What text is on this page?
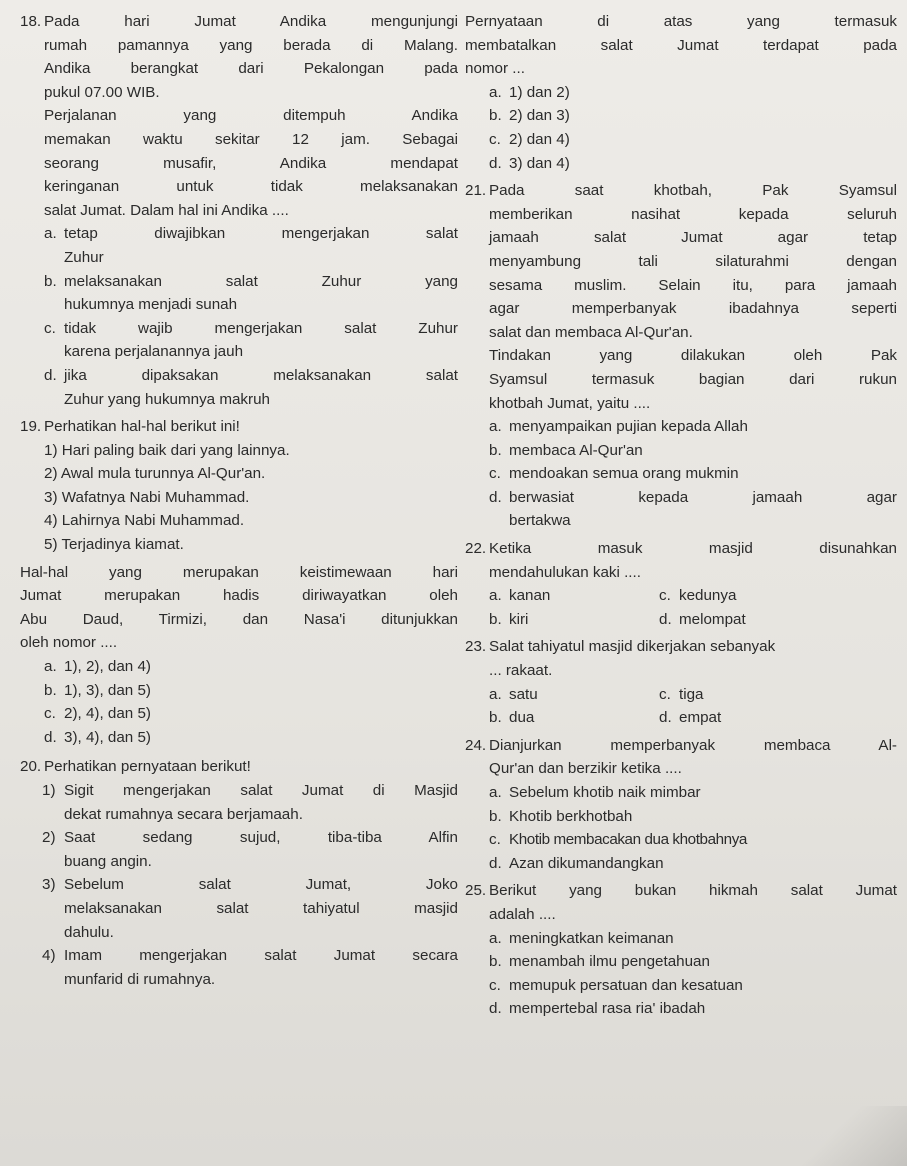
18. Pada hari Jumat Andika mengunjungi

rumah pamannya yang berada di Malang.

Andika berangkat dari Pekalongan pada

pukul 07.00 WIB.

Perjalanan yang ditempuh Andika

memakan waktu sekitar 12 jam. Sebagai

seorang musafir, Andika mendapat

keringanan untuk tidak melaksanakan

salat Jumat. Dalam hal ini Andika ....

a. tetap diwajibkan mengerjakan salat

Zuhur

b. melaksanakan salat Zuhur yang

hukumnya menjadi sunah

c. tidak wajib mengerjakan salat Zuhur

karena perjalanannya jauh

d. jika dipaksakan melaksanakan salat

Zuhur yang hukumnya makruh

19. Perhatikan hal-hal berikut ini!

1) Hari paling baik dari yang lainnya.

2) Awal mula turunnya Al-Qur'an.

3) Wafatnya Nabi Muhammad.

4) Lahirnya Nabi Muhammad.

5) Terjadinya kiamat.

Hal-hal yang merupakan keistimewaan hari

Jumat merupakan hadis diriwayatkan oleh

Abu Daud, Tirmizi, dan Nasa'i ditunjukkan

oleh nomor ....

a. 1), 2), dan 4)

b. 1), 3), dan 5)

c. 2), 4), dan 5)

d. 3), 4), dan 5)

20. Perhatikan pernyataan berikut!

1) Sigit mengerjakan salat Jumat di Masjid

dekat rumahnya secara berjamaah.

2) Saat sedang sujud, tiba-tiba Alfin

buang angin.

3) Sebelum salat Jumat, Joko

melaksanakan salat tahiyatul masjid

dahulu.

4) Imam mengerjakan salat Jumat secara

munfarid di rumahnya.

Pernyataan di atas yang termasuk

membatalkan salat Jumat terdapat pada

nomor ...

a. 1) dan 2)

b. 2) dan 3)

c. 2) dan 4)

d. 3) dan 4)

21. Pada saat khotbah, Pak Syamsul

memberikan nasihat kepada seluruh

jamaah salat Jumat agar tetap

menyambung tali silaturahmi dengan

sesama muslim. Selain itu, para jamaah

agar memperbanyak ibadahnya seperti

salat dan membaca Al-Qur'an.

Tindakan yang dilakukan oleh Pak

Syamsul termasuk bagian dari rukun

khotbah Jumat, yaitu ....

a. menyampaikan pujian kepada Allah

b. membaca Al-Qur'an

c. mendoakan semua orang mukmin

d. berwasiat kepada jamaah agar

bertakwa

22. Ketika masuk masjid disunahkan

mendahulukan kaki ....

a. kanan	c. kedunya
b. kiri	d. melompat
23. Salat tahiyatul masjid dikerjakan sebanyak

... rakaat.

a. satu	c. tiga
b. dua	d. empat
24. Dianjurkan memperbanyak membaca Al-

Qur'an dan berzikir ketika ....

a. Sebelum khotib naik mimbar

b. Khotib berkhotbah

c. Khotib membacakan dua khotbahnya

d. Azan dikumandangkan

25. Berikut yang bukan hikmah salat Jumat

adalah ....

a. meningkatkan keimanan

b. menambah ilmu pengetahuan

c. memupuk persatuan dan kesatuan

d. mempertebal rasa ria' ibadah
